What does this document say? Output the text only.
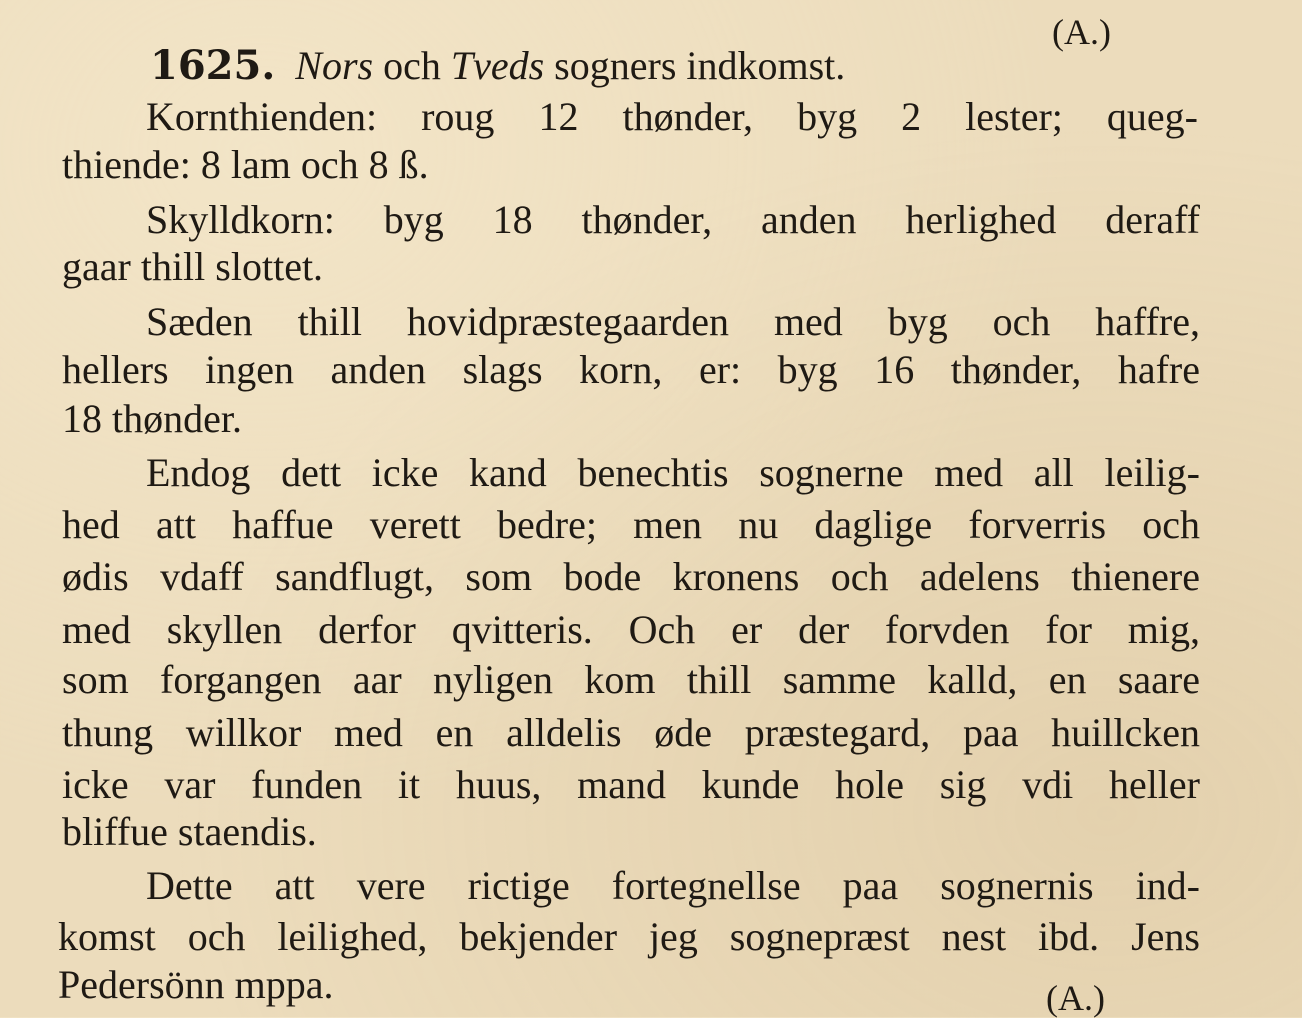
(A.)
1625. Nors och Tveds sogners indkomst.
Kornthienden: roug 12 thønder, byg 2 lester; queg-
thiende: 8 lam och 8 ß.
Skylldkorn: byg 18 thønder, anden herlighed deraff
gaar thill slottet.
Sæden thill hovidpræstegaarden med byg och haffre,
hellers ingen anden slags korn, er: byg 16 thønder, hafre
18 thønder.
Endog dett icke kand benechtis sognerne med all leilig-
hed att haffue verett bedre; men nu daglige forverris och
ødis vdaff sandflugt, som bode kronens och adelens thienere
med skyllen derfor qvitteris. Och er der forvden for mig,
som forgangen aar nyligen kom thill samme kalld, en saare
thung willkor med en alldelis øde præstegard, paa huillcken
icke var funden it huus, mand kunde hole sig vdi heller
bliffue staendis.
Dette att vere rictige fortegnellse paa sognernis ind-
komst och leilighed, bekjender jeg sognepræst nest ibd. Jens
Pedersönn mppa.	(A.)
